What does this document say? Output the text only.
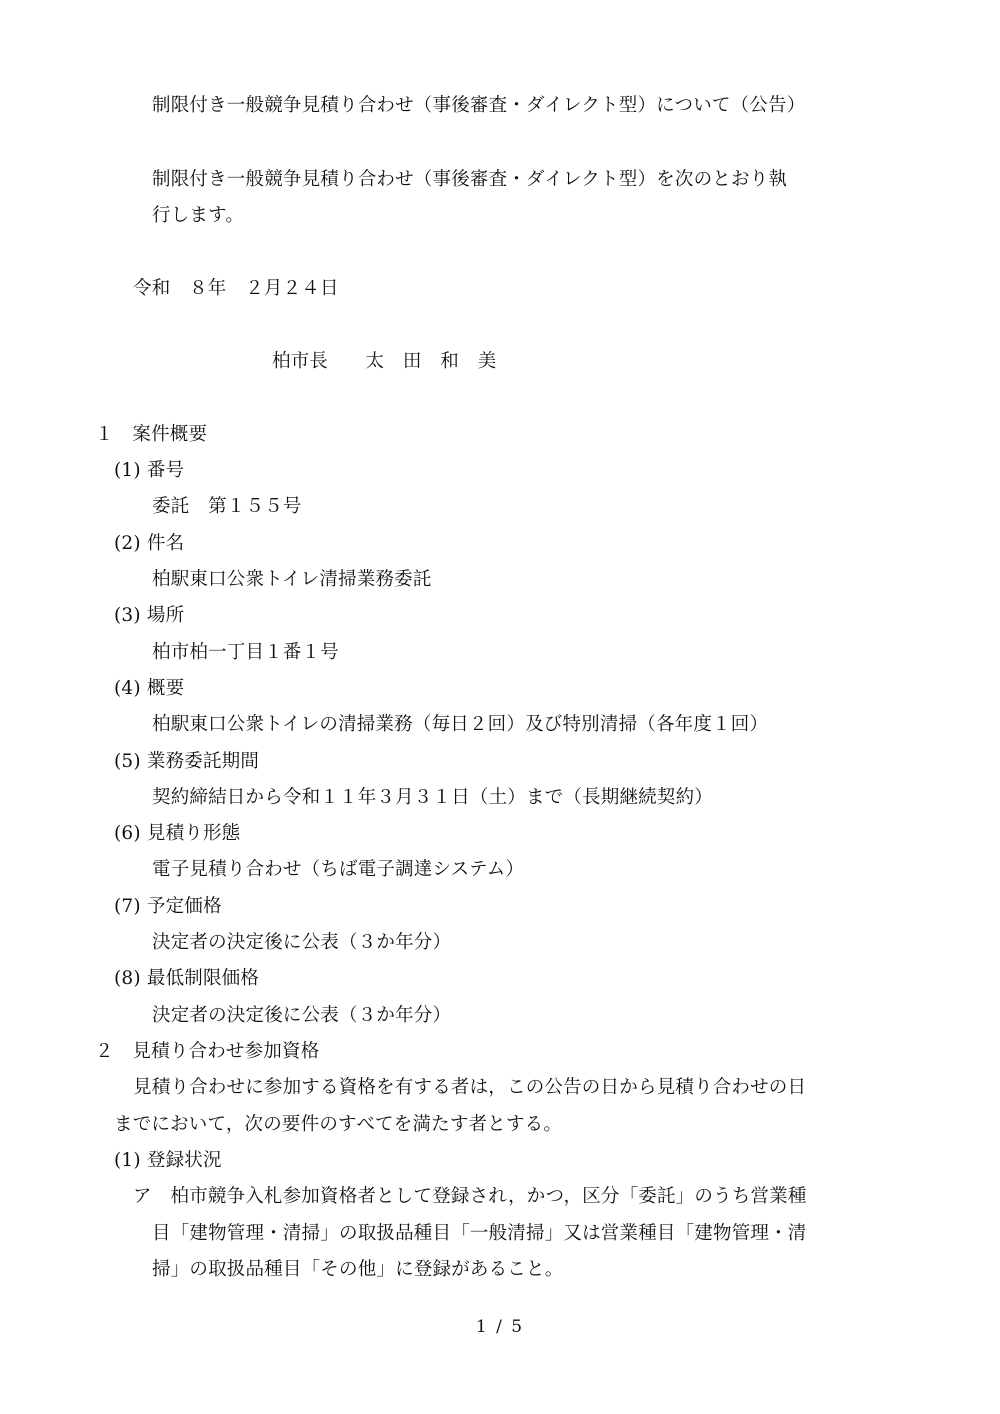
制限付き一般競争見積り合わせ（事後審査・ダイレクト型）について（公告）
制限付き一般競争見積り合わせ（事後審査・ダイレクト型）を次のとおり執
行します。
令和　８年　２月２４日
柏市長　　太　田　和　美
１　案件概要
(1) 番号
委託　第１５５号
(2) 件名
柏駅東口公衆トイレ清掃業務委託
(3) 場所
柏市柏一丁目１番１号
(4) 概要
柏駅東口公衆トイレの清掃業務（毎日２回）及び特別清掃（各年度１回）
(5) 業務委託期間
契約締結日から令和１１年３月３１日（土）まで（長期継続契約）
(6) 見積り形態
電子見積り合わせ（ちば電子調達システム）
(7) 予定価格
決定者の決定後に公表（３か年分）
(8) 最低制限価格
決定者の決定後に公表（３か年分）
２　見積り合わせ参加資格
見積り合わせに参加する資格を有する者は，この公告の日から見積り合わせの日
までにおいて，次の要件のすべてを満たす者とする。
(1) 登録状況
ア　柏市競争入札参加資格者として登録され，かつ，区分「委託」のうち営業種
目「建物管理・清掃」の取扱品種目「一般清掃」又は営業種目「建物管理・清
掃」の取扱品種目「その他」に登録があること。
1 / 5
